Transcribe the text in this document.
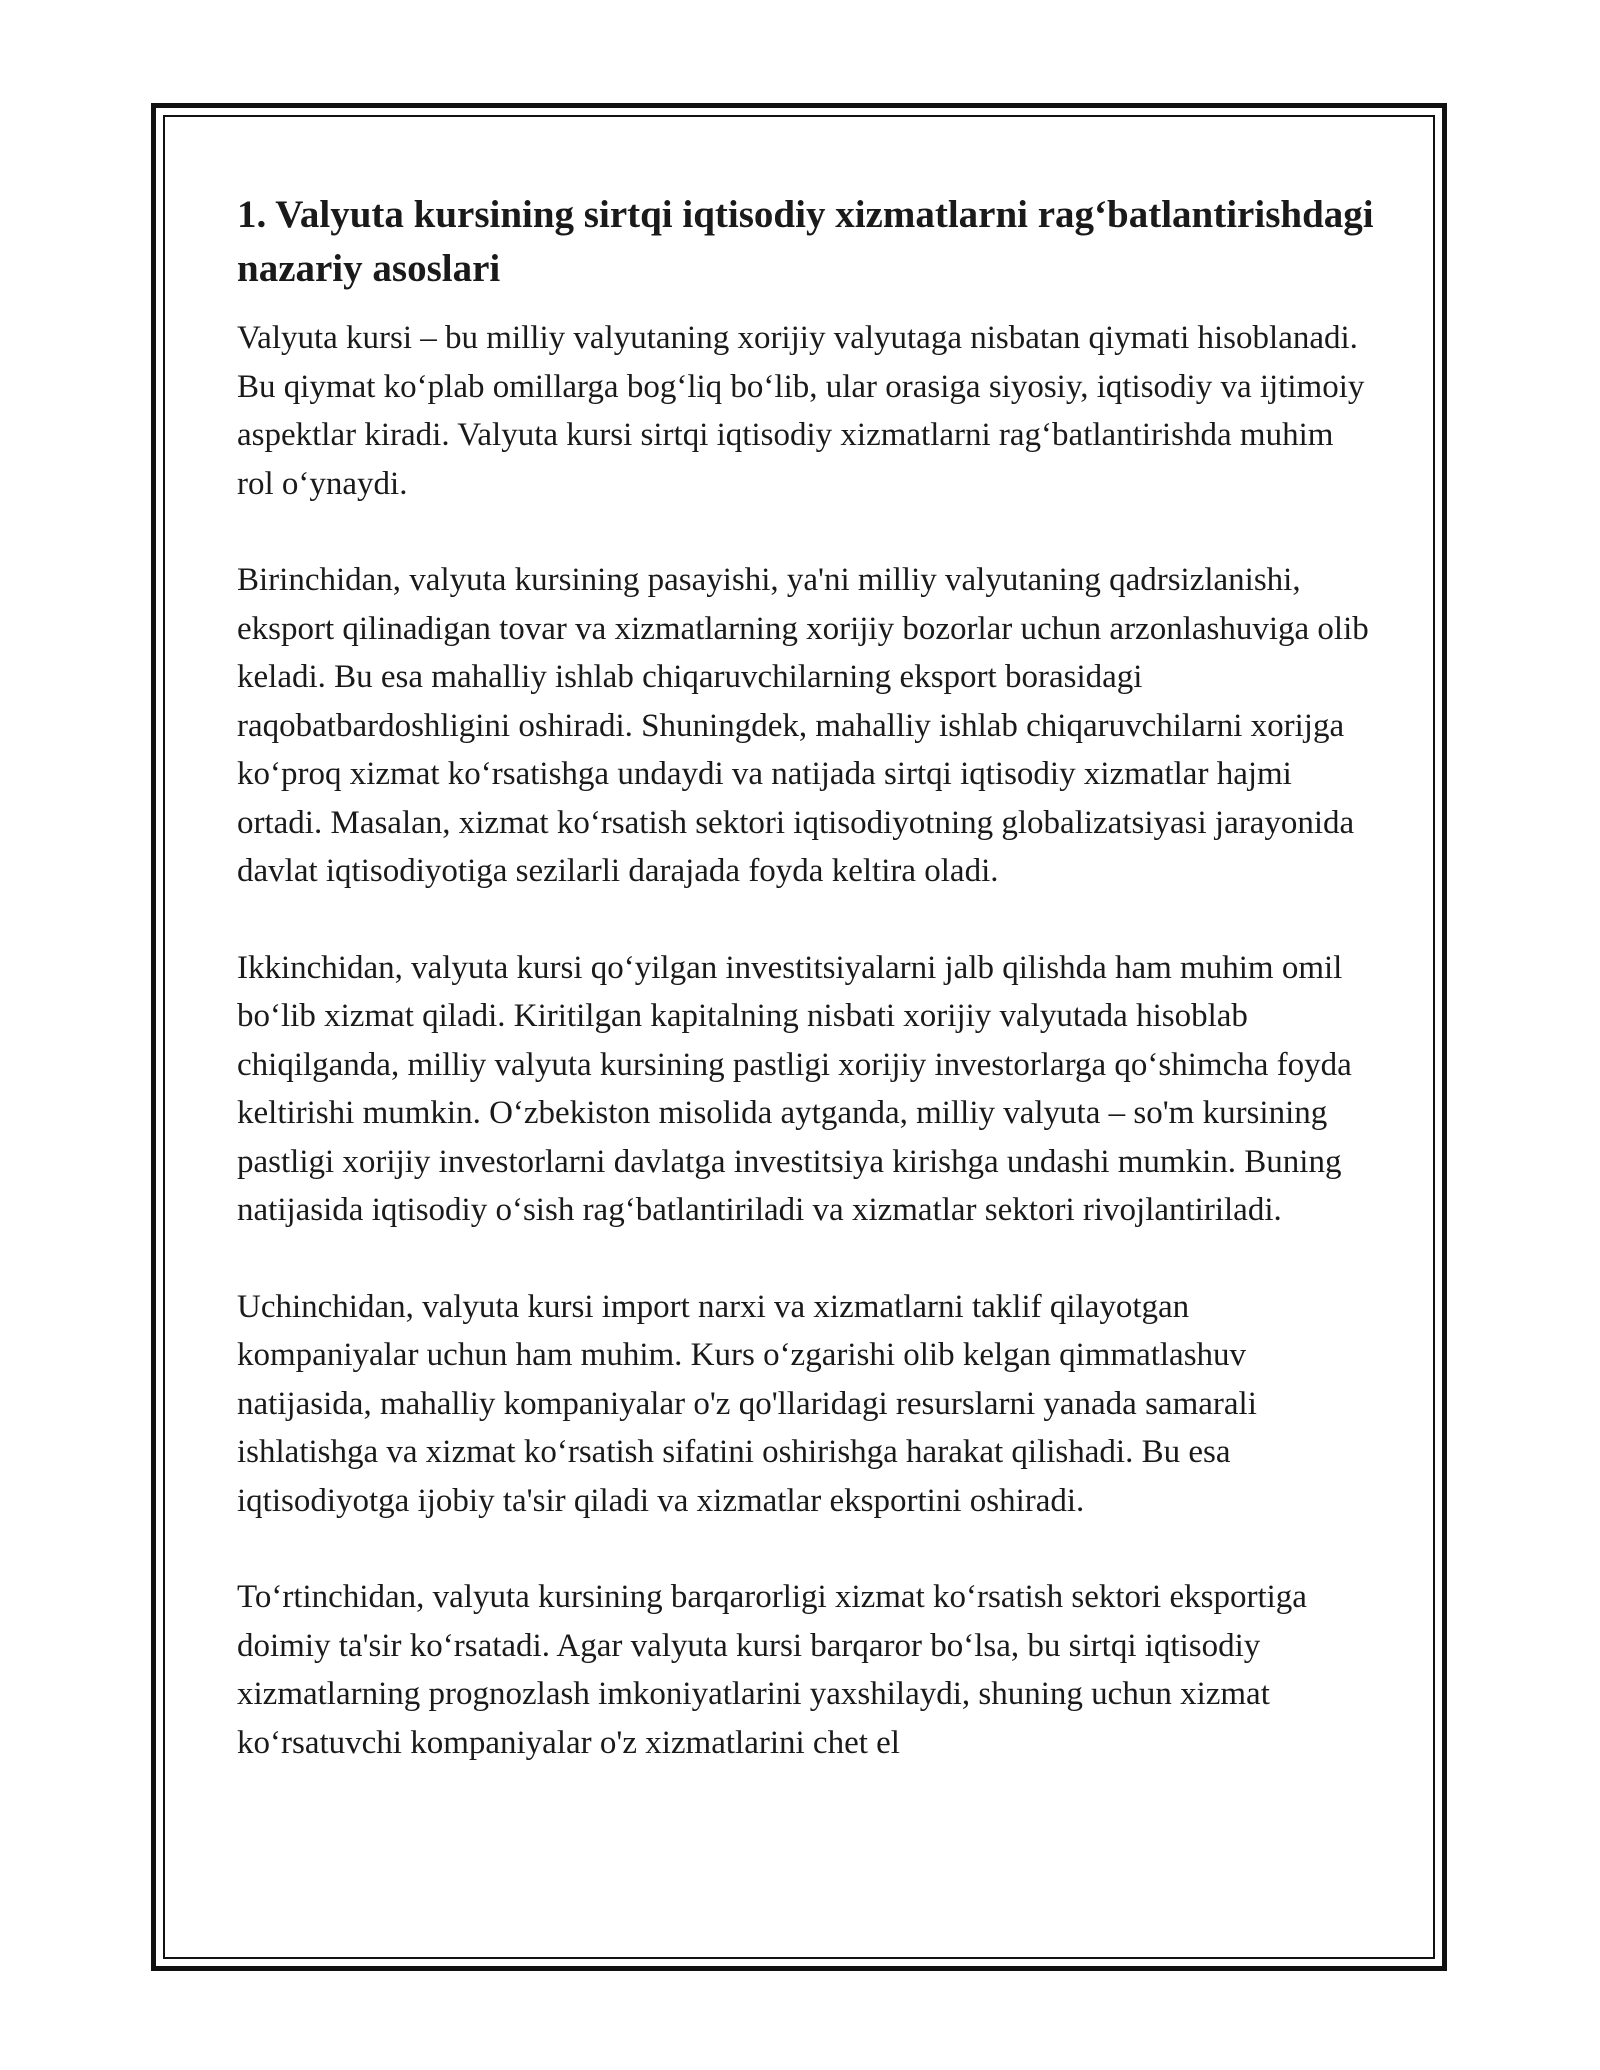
1. Valyuta kursining sirtqi iqtisodiy xizmatlarni rag‘batlantirishdagi nazariy asoslari

Valyuta kursi – bu milliy valyutaning xorijiy valyutaga nisbatan qiymati hisoblanadi. Bu qiymat ko‘plab omillarga bog‘liq bo‘lib, ular orasiga siyosiy, iqtisodiy va ijtimoiy aspektlar kiradi. Valyuta kursi sirtqi iqtisodiy xizmatlarni rag‘batlantirishda muhim rol o‘ynaydi.

Birinchidan, valyuta kursining pasayishi, ya'ni milliy valyutaning qadrsizlanishi, eksport qilinadigan tovar va xizmatlarning xorijiy bozorlar uchun arzonlashuviga olib keladi. Bu esa mahalliy ishlab chiqaruvchilarning eksport borasidagi raqobatbardoshligini oshiradi. Shuningdek, mahalliy ishlab chiqaruvchilarni xorijga ko‘proq xizmat ko‘rsatishga undaydi va natijada sirtqi iqtisodiy xizmatlar hajmi ortadi. Masalan, xizmat ko‘rsatish sektori iqtisodiyotning globalizatsiyasi jarayonida davlat iqtisodiyotiga sezilarli darajada foyda keltira oladi.

Ikkinchidan, valyuta kursi qo‘yilgan investitsiyalarni jalb qilishda ham muhim omil bo‘lib xizmat qiladi. Kiritilgan kapitalning nisbati xorijiy valyutada hisoblab chiqilganda, milliy valyuta kursining pastligi xorijiy investorlarga qo‘shimcha foyda keltirishi mumkin. O‘zbekiston misolida aytganda, milliy valyuta – so'm kursining pastligi xorijiy investorlarni davlatga investitsiya kirishga undashi mumkin. Buning natijasida iqtisodiy o‘sish rag‘batlantiriladi va xizmatlar sektori rivojlantiriladi.

Uchinchidan, valyuta kursi import narxi va xizmatlarni taklif qilayotgan kompaniyalar uchun ham muhim. Kurs o‘zgarishi olib kelgan qimmatlashuv natijasida, mahalliy kompaniyalar o'z qo'llaridagi resurslarni yanada samarali ishlatishga va xizmat ko‘rsatish sifatini oshirishga harakat qilishadi. Bu esa iqtisodiyotga ijobiy ta'sir qiladi va xizmatlar eksportini oshiradi.

To‘rtinchidan, valyuta kursining barqarorligi xizmat ko‘rsatish sektori eksportiga doimiy ta'sir ko‘rsatadi. Agar valyuta kursi barqaror bo‘lsa, bu sirtqi iqtisodiy xizmatlarning prognozlash imkoniyatlarini yaxshilaydi, shuning uchun xizmat ko‘rsatuvchi kompaniyalar o'z xizmatlarini chet el
